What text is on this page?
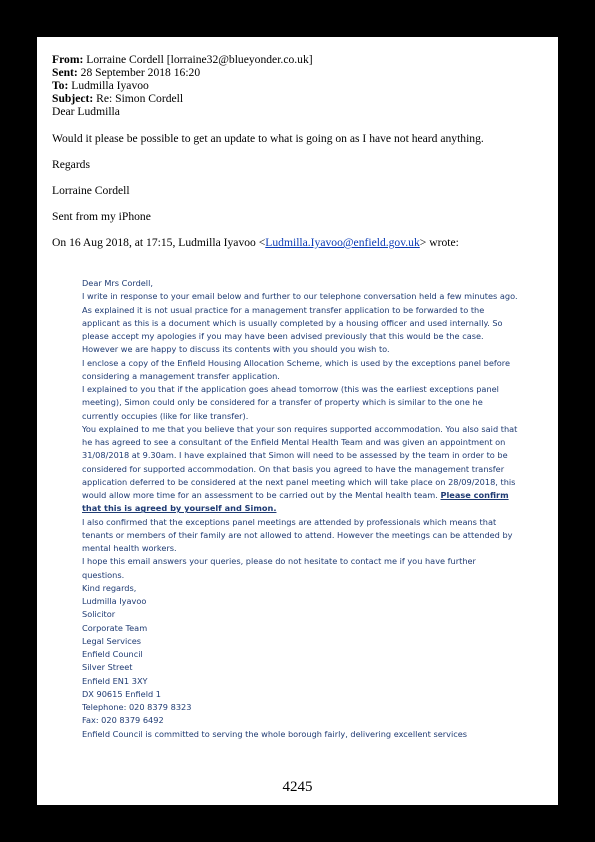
From: Lorraine Cordell [lorraine32@blueyonder.co.uk]
Sent: 28 September 2018 16:20
To: Ludmilla Iyavoo
Subject: Re: Simon Cordell
Dear Ludmilla
Would it please be possible to get an update to what is going on as I have not heard anything.
Regards
Lorraine Cordell
Sent from my iPhone
On 16 Aug 2018, at 17:15, Ludmilla Iyavoo <Ludmilla.Iyavoo@enfield.gov.uk> wrote:

Dear Mrs Cordell,

I write in response to your email below and further to our telephone conversation held a few minutes ago.

As explained it is not usual practice for a management transfer application to be forwarded to the applicant as this is a document which is usually completed by a housing officer and used internally. So please accept my apologies if you may have been advised previously that this would be the case. However we are happy to discuss its contents with you should you wish to.

I enclose a copy of the Enfield Housing Allocation Scheme, which is used by the exceptions panel before considering a management transfer application.

I explained to you that if the application goes ahead tomorrow (this was the earliest exceptions panel meeting), Simon could only be considered for a transfer of property which is similar to the one he currently occupies (like for like transfer).

You explained to me that you believe that your son requires supported accommodation. You also said that he has agreed to see a consultant of the Enfield Mental Health Team and was given an appointment on 31/08/2018 at 9.30am. I have explained that Simon will need to be assessed by the team in order to be considered for supported accommodation. On that basis you agreed to have the management transfer application deferred to be considered at the next panel meeting which will take place on 28/09/2018, this would allow more time for an assessment to be carried out by the Mental health team. Please confirm that this is agreed by yourself and Simon.

I also confirmed that the exceptions panel meetings are attended by professionals which means that tenants or members of their family are not allowed to attend. However the meetings can be attended by mental health workers.

I hope this email answers your queries, please do not hesitate to contact me if you have further questions.

Kind regards,

Ludmilla Iyavoo

Solicitor

Corporate Team

Legal Services

Enfield Council

Silver Street

Enfield EN1 3XY

DX 90615 Enfield 1

Telephone: 020 8379 8323

Fax: 020 8379 6492

Enfield Council is committed to serving the whole borough fairly, delivering excellent services

4245
